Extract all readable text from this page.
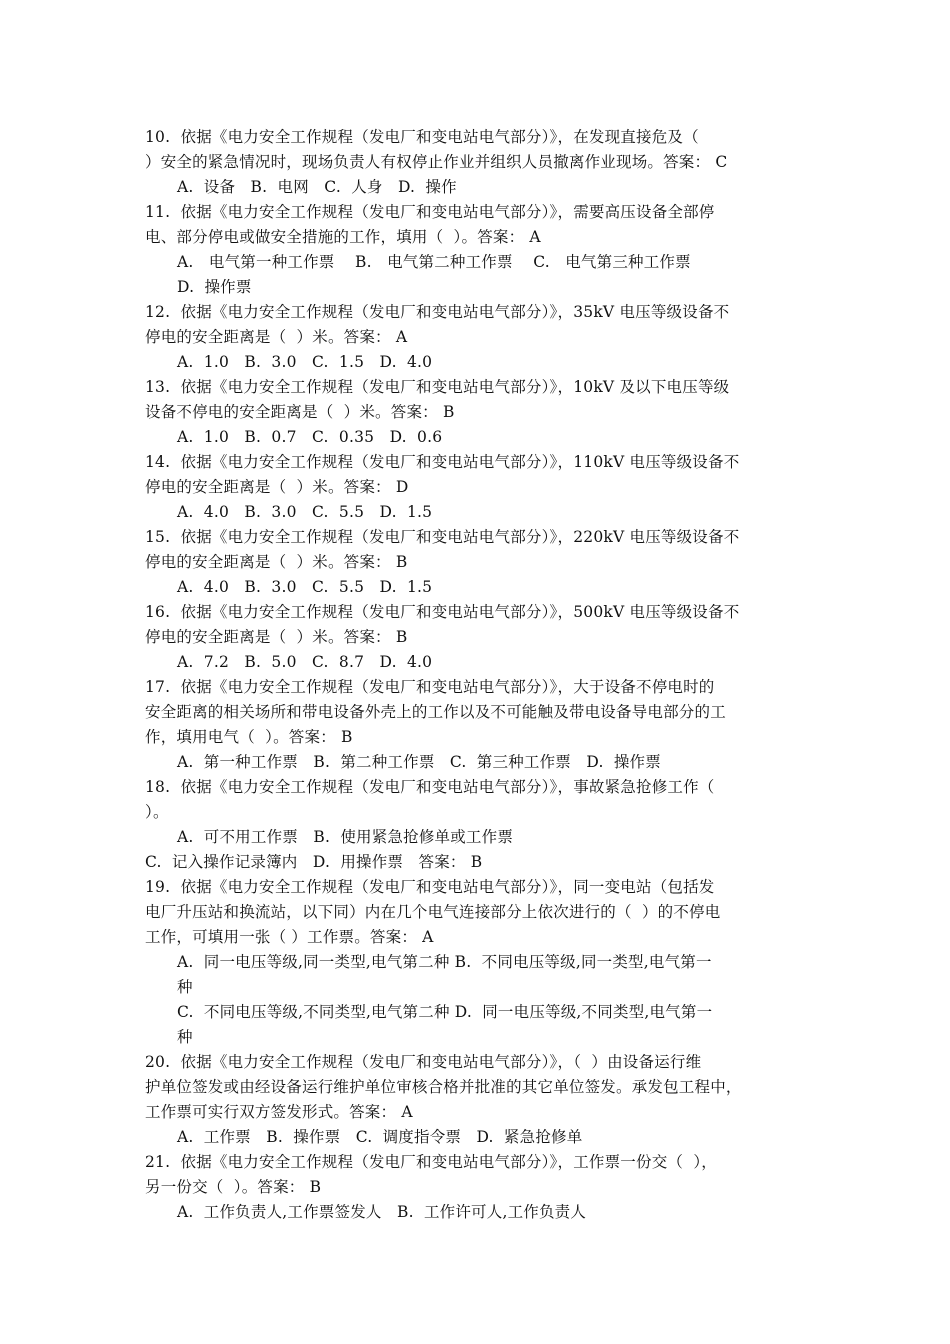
10.  依据《电力安全工作规程（发电厂和变电站电气部分）》，在发现直接危及（
）安全的紧急情况时，现场负责人有权停止作业并组织人员撤离作业现场。答案： C
A.  设备   B.  电网   C.  人身   D.  操作
11.  依据《电力安全工作规程（发电厂和变电站电气部分）》，需要高压设备全部停
电、部分停电或做安全措施的工作，填用（  ）。答案： A
A.   电气第一种工作票    B.   电气第二种工作票    C.   电气第三种工作票
D.  操作票
12.  依据《电力安全工作规程（发电厂和变电站电气部分）》，35kV 电压等级设备不
停电的安全距离是（  ）米。答案： A
A.  1.0   B.  3.0   C.  1.5   D.  4.0
13.  依据《电力安全工作规程（发电厂和变电站电气部分）》，10kV 及以下电压等级
设备不停电的安全距离是（  ）米。答案： B
A.  1.0   B.  0.7   C.  0.35   D.  0.6
14.  依据《电力安全工作规程（发电厂和变电站电气部分）》，110kV 电压等级设备不
停电的安全距离是（  ）米。答案： D
A.  4.0   B.  3.0   C.  5.5   D.  1.5
15.  依据《电力安全工作规程（发电厂和变电站电气部分）》，220kV 电压等级设备不
停电的安全距离是（  ）米。答案： B
A.  4.0   B.  3.0   C.  5.5   D.  1.5
16.  依据《电力安全工作规程（发电厂和变电站电气部分）》，500kV 电压等级设备不
停电的安全距离是（  ）米。答案： B
A.  7.2   B.  5.0   C.  8.7   D.  4.0
17.  依据《电力安全工作规程（发电厂和变电站电气部分）》，大于设备不停电时的
安全距离的相关场所和带电设备外壳上的工作以及不可能触及带电设备导电部分的工
作，填用电气（  ）。答案： B
A.  第一种工作票   B.  第二种工作票   C.  第三种工作票   D.  操作票
18.  依据《电力安全工作规程（发电厂和变电站电气部分）》，事故紧急抢修工作（
）。
A.  可不用工作票   B.  使用紧急抢修单或工作票
C.  记入操作记录簿内   D.  用操作票   答案： B
19.  依据《电力安全工作规程（发电厂和变电站电气部分）》，同一变电站（包括发
电厂升压站和换流站，以下同）内在几个电气连接部分上依次进行的（  ）的不停电
工作，可填用一张（ ）工作票。答案： A
A.  同一电压等级,同一类型,电气第二种 B.  不同电压等级,同一类型,电气第一
种
C.  不同电压等级,不同类型,电气第二种 D.  同一电压等级,不同类型,电气第一
种
20.  依据《电力安全工作规程（发电厂和变电站电气部分）》，（  ）由设备运行维
护单位签发或由经设备运行维护单位审核合格并批准的其它单位签发。承发包工程中，
工作票可实行双方签发形式。答案： A
A.  工作票   B.  操作票   C.  调度指令票   D.  紧急抢修单
21.  依据《电力安全工作规程（发电厂和变电站电气部分）》，工作票一份交（  ），
另一份交（  ）。答案： B
A.  工作负责人,工作票签发人   B.  工作许可人,工作负责人
